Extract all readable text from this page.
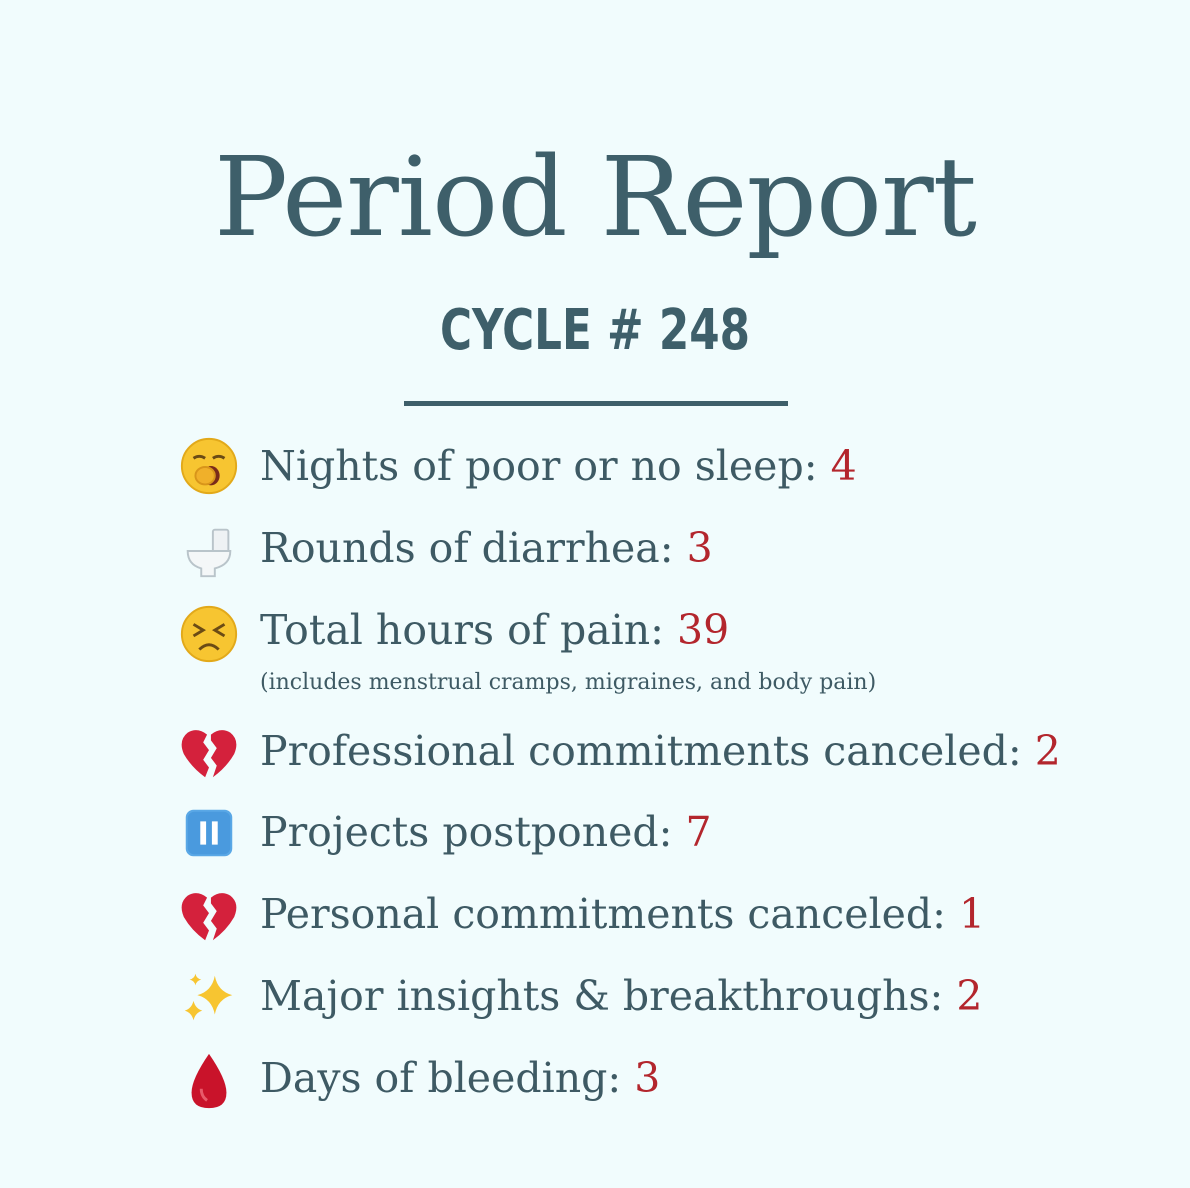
Period Report
CYCLE # 248
Nights of poor or no sleep: 4
Rounds of diarrhea: 3
Total hours of pain: 39
(includes menstrual cramps, migraines, and body pain)
Professional commitments canceled: 2
Projects postponed: 7
Personal commitments canceled: 1
Major insights & breakthroughs: 2
Days of bleeding: 3
